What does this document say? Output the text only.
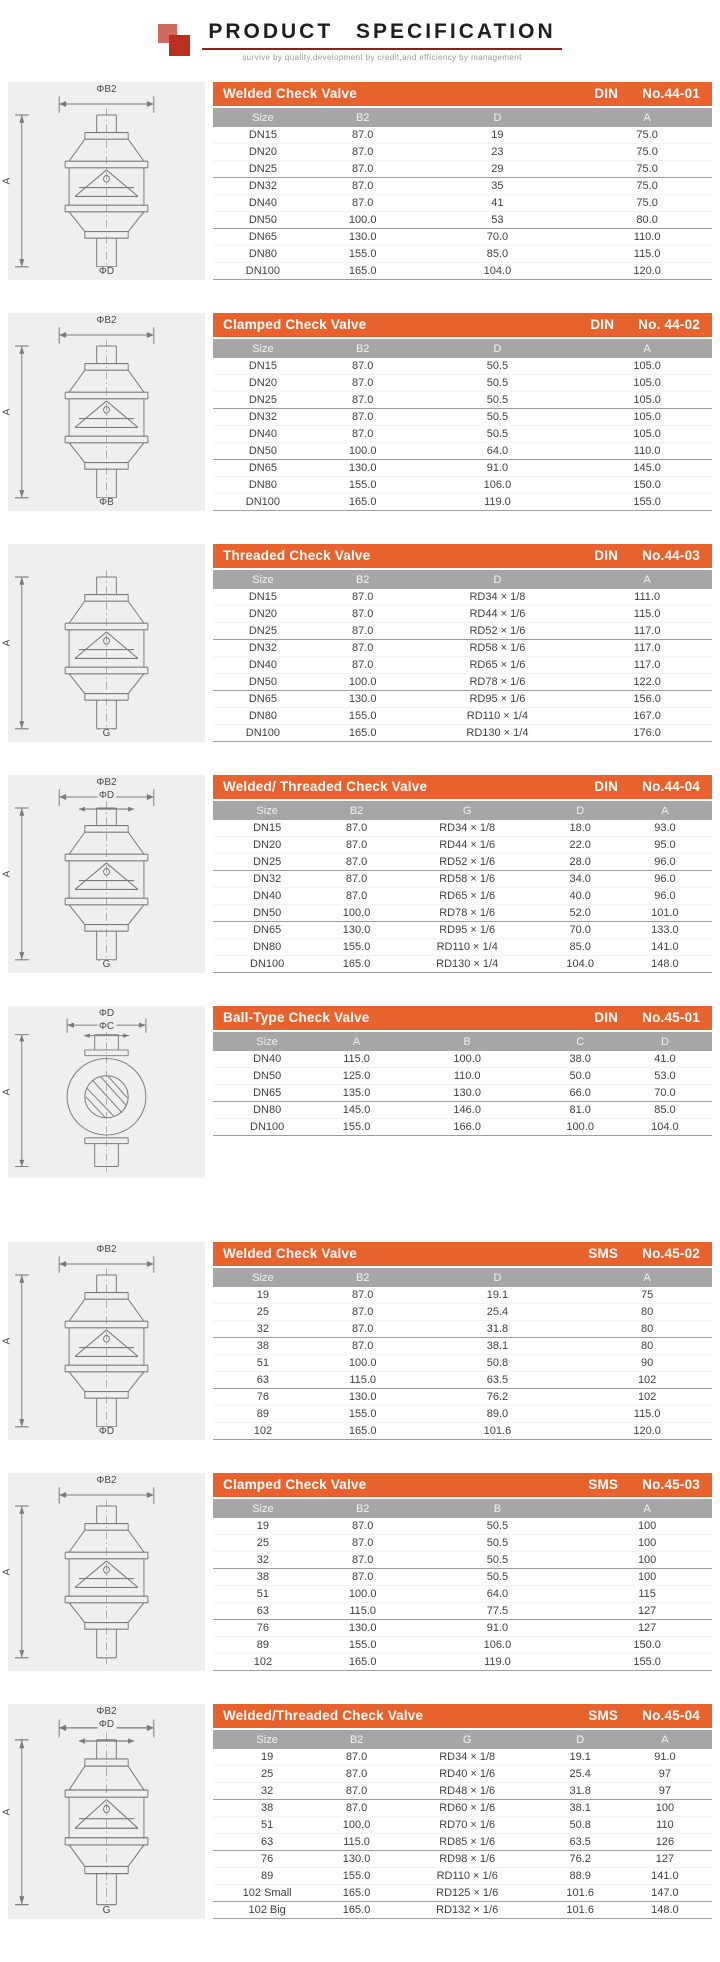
PRODUCT SPECIFICATION
survive by quality,development by credit,and efficiency by management
ΦB2
A
ΦD
Welded Check Valve	DIN No.44-01
Size	B2	D	A
DN15	87.0	19	75.0
DN20	87.0	23	75.0
DN25	87.0	29	75.0
DN32	87.0	35	75.0
DN40	87.0	41	75.0
DN50	100.0	53	80.0
DN65	130.0	70.0	110.0
DN80	155.0	85.0	115.0
DN100	165.0	104.0	120.0
ΦB2
A
ΦB
Clamped Check Valve	DIN No. 44-02
Size	B2	D	A
DN15	87.0	50.5	105.0
DN20	87.0	50.5	105.0
DN25	87.0	50.5	105.0
DN32	87.0	50.5	105.0
DN40	87.0	50.5	105.0
DN50	100.0	64.0	110.0
DN65	130.0	91.0	145.0
DN80	155.0	106.0	150.0
DN100	165.0	119.0	155.0
A
G
Threaded Check Valve	DIN No.44-03
Size	B2	D	A
DN15	87.0	RD34 × 1/8	111.0
DN20	87.0	RD44 × 1/6	115.0
DN25	87.0	RD52 × 1/6	117.0
DN32	87.0	RD58 × 1/6	117.0
DN40	87.0	RD65 × 1/6	117.0
DN50	100.0	RD78 × 1/6	122.0
DN65	130.0	RD95 × 1/6	156.0
DN80	155.0	RD110 × 1/4	167.0
DN100	165.0	RD130 × 1/4	176.0
ΦB2
ΦD
A
G
Welded/ Threaded Check Valve	DIN No.44-04
Size	B2	G	D	A
DN15	87.0	RD34 × 1/8	18.0	93.0
DN20	87.0	RD44 × 1/6	22.0	95.0
DN25	87.0	RD52 × 1/6	28.0	96.0
DN32	87.0	RD58 × 1/6	34.0	96.0
DN40	87.0	RD65 × 1/6	40.0	96.0
DN50	100.0	RD78 × 1/6	52.0	101.0
DN65	130.0	RD95 × 1/6	70.0	133.0
DN80	155.0	RD110 × 1/4	85.0	141.0
DN100	165.0	RD130 × 1/4	104.0	148.0
ΦD
ΦC
A
Ball-Type Check Valve	DIN No.45-01
Size	A	B	C	D
DN40	115.0	100.0	38.0	41.0
DN50	125.0	110.0	50.0	53.0
DN65	135.0	130.0	66.0	70.0
DN80	145.0	146.0	81.0	85.0
DN100	155.0	166.0	100.0	104.0
ΦB2
A
ΦD
Welded Check Valve	SMS No.45-02
Size	B2	D	A
19	87.0	19.1	75
25	87.0	25.4	80
32	87.0	31.8	80
38	87.0	38.1	80
51	100.0	50.8	90
63	115.0	63.5	102
76	130.0	76.2	102
89	155.0	89.0	115.0
102	165.0	101.6	120.0
ΦB2
A
Clamped Check Valve	SMS No.45-03
Size	B2	B	A
19	87.0	50.5	100
25	87.0	50.5	100
32	87.0	50.5	100
38	87.0	50.5	100
51	100.0	64.0	115
63	115.0	77.5	127
76	130.0	91.0	127
89	155.0	106.0	150.0
102	165.0	119.0	155.0
ΦB2
ΦD
A
G
Welded/Threaded Check Valve	SMS No.45-04
Size	B2	G	D	A
19	87.0	RD34 × 1/8	19.1	91.0
25	87.0	RD40 × 1/6	25.4	97
32	87.0	RD48 × 1/6	31.8	97
38	87.0	RD60 × 1/6	38.1	100
51	100.0	RD70 × 1/6	50.8	110
63	115.0	RD85 × 1/6	63.5	126
76	130.0	RD98 × 1/6	76.2	127
89	155.0	RD110 × 1/6	88.9	141.0
102 Small	165.0	RD125 × 1/6	101.6	147.0
102 Big	165.0	RD132 × 1/6	101.6	148.0
